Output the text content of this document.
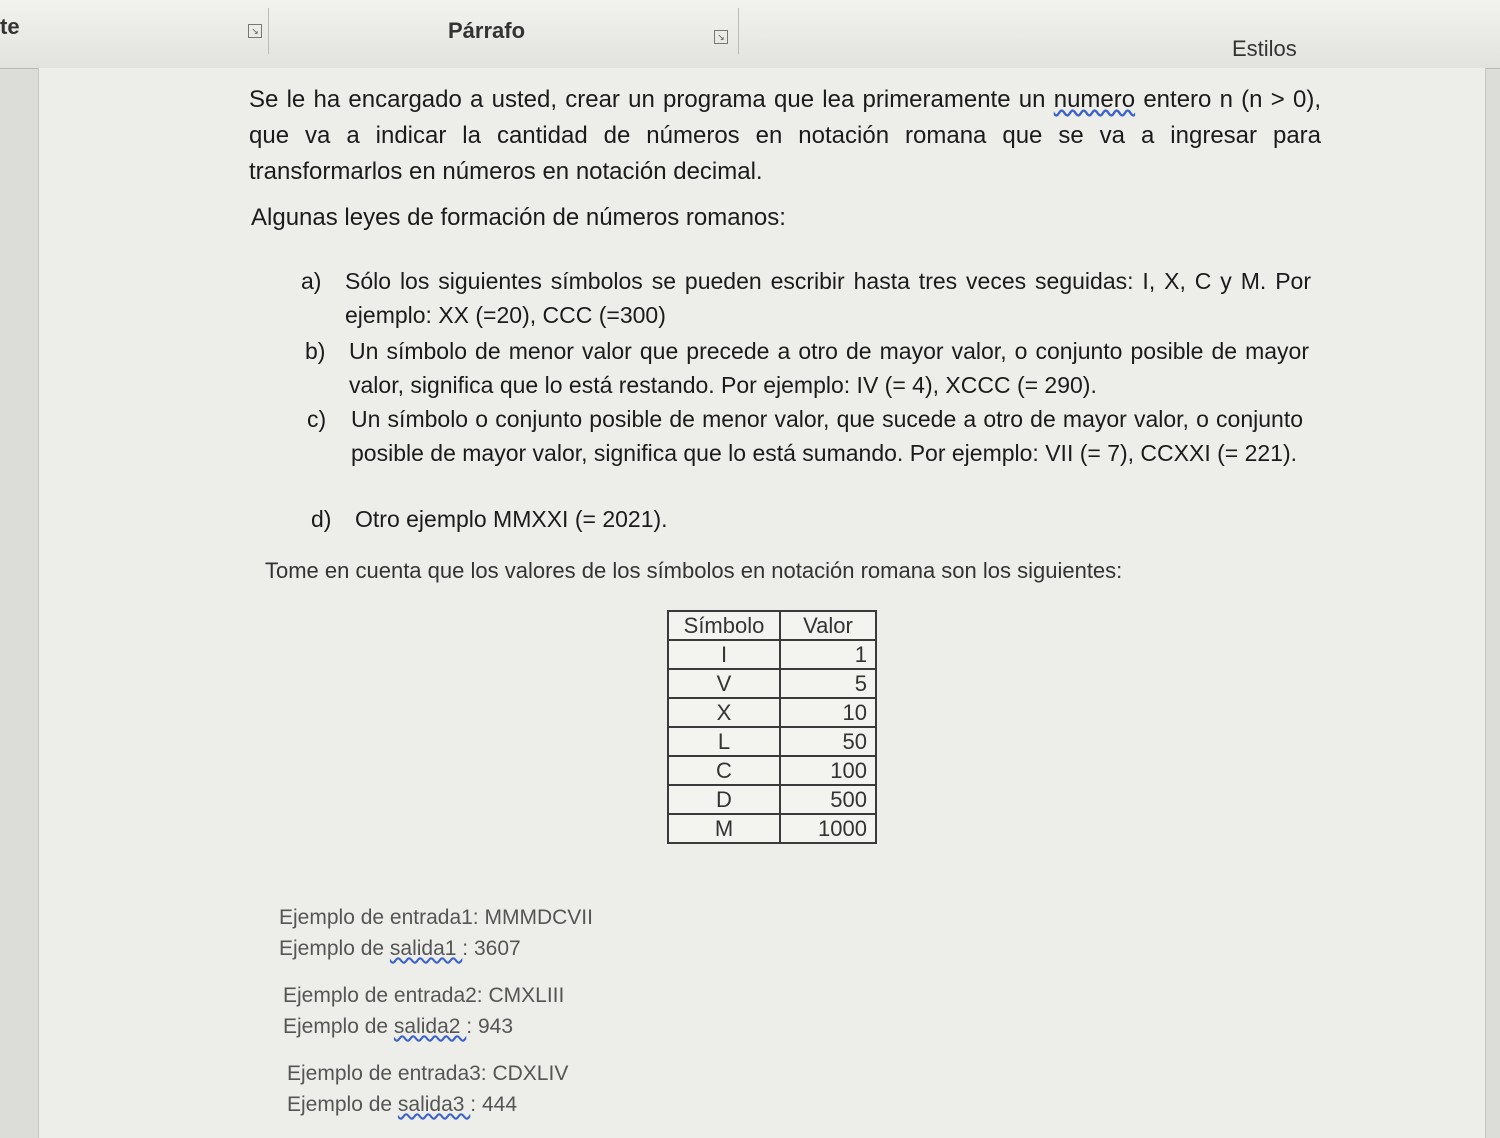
te	↘	Párrafo	↘	Estilos
Se le ha encargado a usted, crear un programa que lea primeramente un numero entero n (n > 0), que va a indicar la cantidad de números en notación romana que se va a ingresar para transformarlos en números en notación decimal.
Algunas leyes de formación de números romanos:
a) Sólo los siguientes símbolos se pueden escribir hasta tres veces seguidas: I, X, C y M. Por ejemplo: XX (=20), CCC (=300)
b) Un símbolo de menor valor que precede a otro de mayor valor, o conjunto posible de mayor valor, significa que lo está restando. Por ejemplo: IV (= 4), XCCC (= 290).
c) Un símbolo o conjunto posible de menor valor, que sucede a otro de mayor valor, o conjunto posible de mayor valor, significa que lo está sumando. Por ejemplo: VII (= 7), CCXXI (= 221).
d) Otro ejemplo MMXXI (= 2021).
Tome en cuenta que los valores de los símbolos en notación romana son los siguientes:
Símbolo	Valor
I	1
V	5
X	10
L	50
C	100
D	500
M	1000
Ejemplo de entrada1: MMMDCVII
Ejemplo de salida1 : 3607
Ejemplo de entrada2: CMXLIII
Ejemplo de salida2 : 943
Ejemplo de entrada3: CDXLIV
Ejemplo de salida3 : 444
